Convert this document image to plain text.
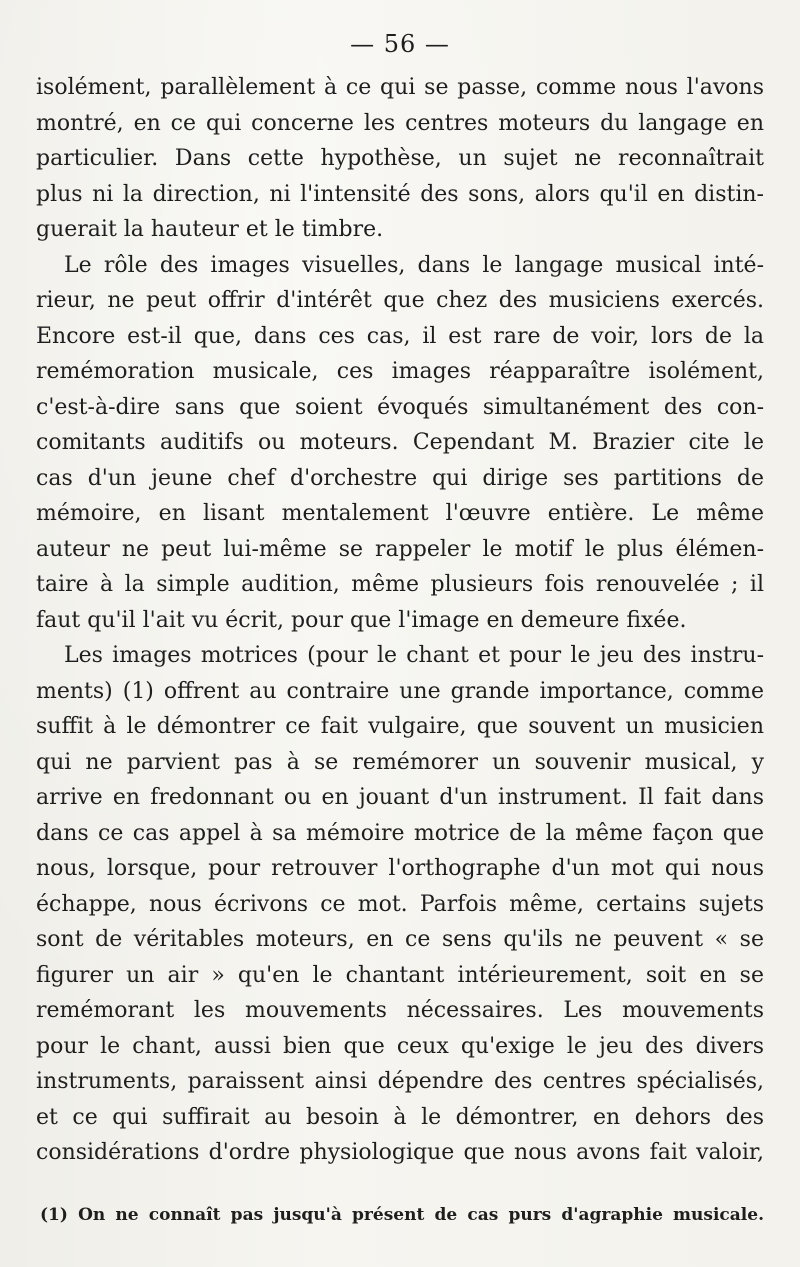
— 56 —
isolément, parallèlement à ce qui se passe, comme nous l'avons
montré, en ce qui concerne les centres moteurs du langage en
particulier. Dans cette hypothèse, un sujet ne reconnaîtrait
plus ni la direction, ni l'intensité des sons, alors qu'il en distin-
guerait la hauteur et le timbre.
Le rôle des images visuelles, dans le langage musical inté-
rieur, ne peut offrir d'intérêt que chez des musiciens exercés.
Encore est-il que, dans ces cas, il est rare de voir, lors de la
remémoration musicale, ces images réapparaître isolément,
c'est-à-dire sans que soient évoqués simultanément des con-
comitants auditifs ou moteurs. Cependant M. Brazier cite le
cas d'un jeune chef d'orchestre qui dirige ses partitions de
mémoire, en lisant mentalement l'œuvre entière. Le même
auteur ne peut lui-même se rappeler le motif le plus élémen-
taire à la simple audition, même plusieurs fois renouvelée ; il
faut qu'il l'ait vu écrit, pour que l'image en demeure fixée.
Les images motrices (pour le chant et pour le jeu des instru-
ments) (1) offrent au contraire une grande importance, comme
suffit à le démontrer ce fait vulgaire, que souvent un musicien
qui ne parvient pas à se remémorer un souvenir musical, y
arrive en fredonnant ou en jouant d'un instrument. Il fait dans
dans ce cas appel à sa mémoire motrice de la même façon que
nous, lorsque, pour retrouver l'orthographe d'un mot qui nous
échappe, nous écrivons ce mot. Parfois même, certains sujets
sont de véritables moteurs, en ce sens qu'ils ne peuvent « se
figurer un air » qu'en le chantant intérieurement, soit en se
remémorant les mouvements nécessaires. Les mouvements
pour le chant, aussi bien que ceux qu'exige le jeu des divers
instruments, paraissent ainsi dépendre des centres spécialisés,
et ce qui suffirait au besoin à le démontrer, en dehors des
considérations d'ordre physiologique que nous avons fait valoir,
(1) On ne connaît pas jusqu'à présent de cas purs d'agraphie musicale.
